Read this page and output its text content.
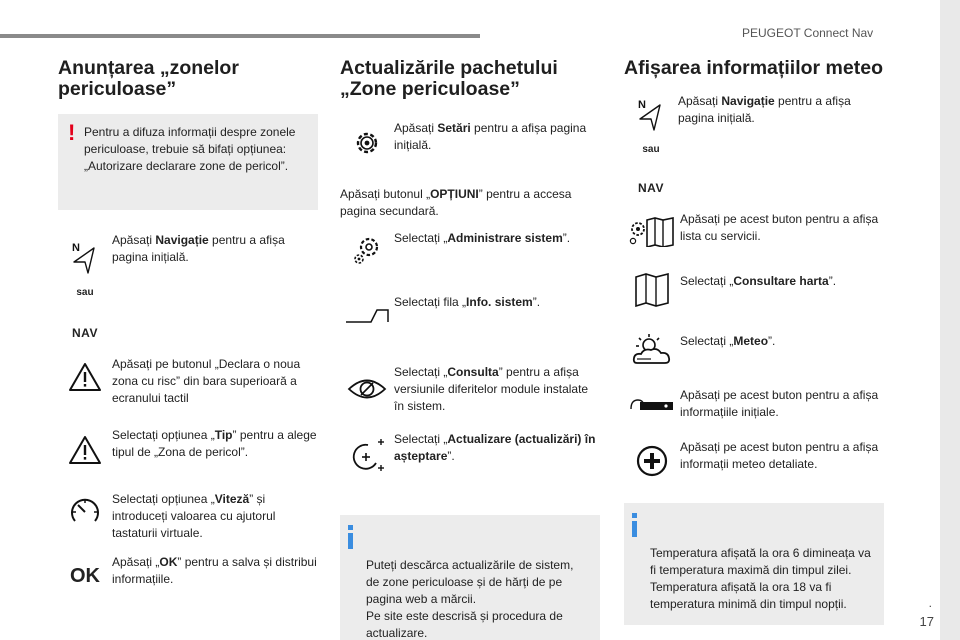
PEUGEOT Connect Nav
.
17
Anunțarea „zonelor
periculoase”
! Pentru a difuza informații despre zonele periculoase, trebuie să bifați opțiunea: „Autorizare declarare zone de pericol”.
N
sau
NAV
Apăsați Navigație pentru a afișa pagina inițială.
Apăsați pe butonul „Declara o noua zona cu risc” din bara superioară a ecranului tactil
Selectați opțiunea „Tip” pentru a alege tipul de „Zona de pericol”.
Selectați opțiunea „Viteză” și introduceți valoarea cu ajutorul tastaturii virtuale.
OK
Apăsați „OK” pentru a salva și distribui informațiile.
Actualizările pachetului
„Zone periculoase”
Apăsați Setări pentru a afișa pagina inițială.
Apăsați butonul „OPȚIUNI” pentru a accesa pagina secundară.
Selectați „Administrare sistem”.
Selectați fila „Info. sistem”.
Selectați „Consulta” pentru a afișa versiunile diferitelor module instalate în sistem.
Selectați „Actualizare (actualizări) în așteptare”.

Puteți descărca actualizările de sistem, de zone periculoase și de hărți de pe pagina web a mărcii.
Pe site este descrisă și procedura de actualizare.

Afișarea informațiilor meteo
N
sau
NAV
Apăsați Navigație pentru a afișa pagina inițială.
Apăsați pe acest buton pentru a afișa lista cu servicii.
Selectați „Consultare harta”.
Selectați „Meteo”.
Apăsați pe acest buton pentru a afișa informațiile inițiale.
Apăsați pe acest buton pentru a afișa informații meteo detaliate.

Temperatura afișată la ora 6 dimineața va fi temperatura maximă din timpul zilei.
Temperatura afișată la ora 18 va fi temperatura minimă din timpul nopții.
